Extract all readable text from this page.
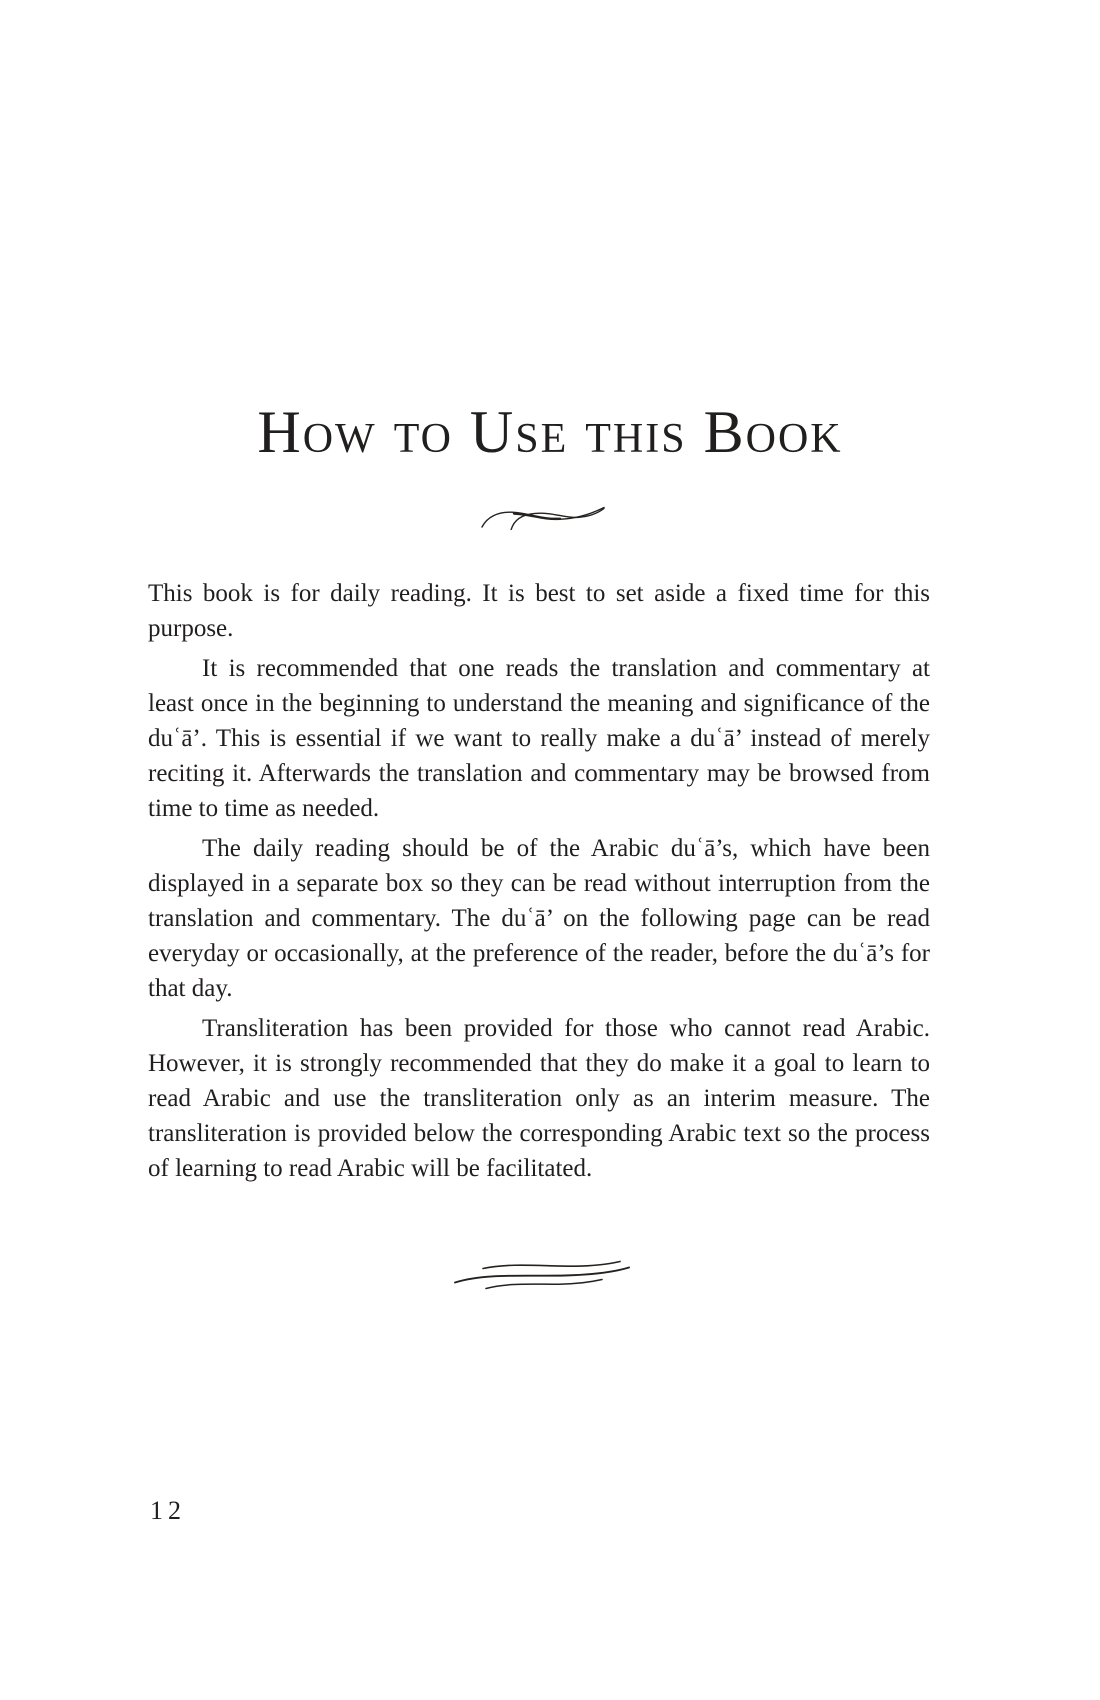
How to Use this Book

This book is for daily reading. It is best to set aside a fixed time for this purpose.

It is recommended that one reads the translation and commentary at least once in the beginning to understand the meaning and significance of the duʿā’. This is essential if we want to really make a duʿā’ instead of merely reciting it. Afterwards the translation and commentary may be browsed from time to time as needed.

The daily reading should be of the Arabic duʿā’s, which have been displayed in a separate box so they can be read without interruption from the translation and commentary. The duʿā’ on the following page can be read everyday or occasionally, at the preference of the reader, before the duʿā’s for that day.

Transliteration has been provided for those who cannot read Arabic. However, it is strongly recommended that they do make it a goal to learn to read Arabic and use the transliteration only as an interim measure. The transliteration is provided below the corresponding Arabic text so the process of learning to read Arabic will be facilitated.

12
